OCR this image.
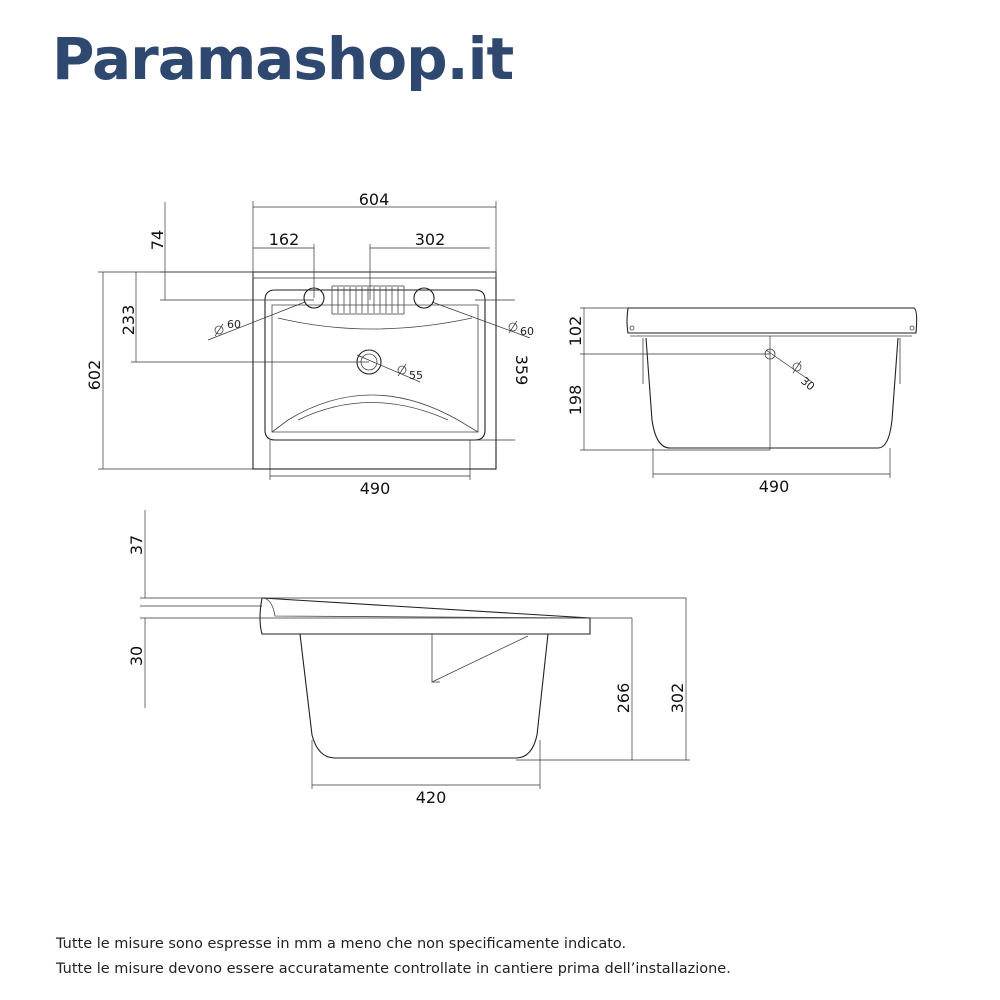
Paramashop.it
604
162	302
74
233
602	359
490
60
60
55
102
198
490
30
37
30
266 302
420
Tutte le misure sono espresse in mm a meno che non specificamente indicato.
Tutte le misure devono essere accuratamente controllate in cantiere prima dell’installazione.
